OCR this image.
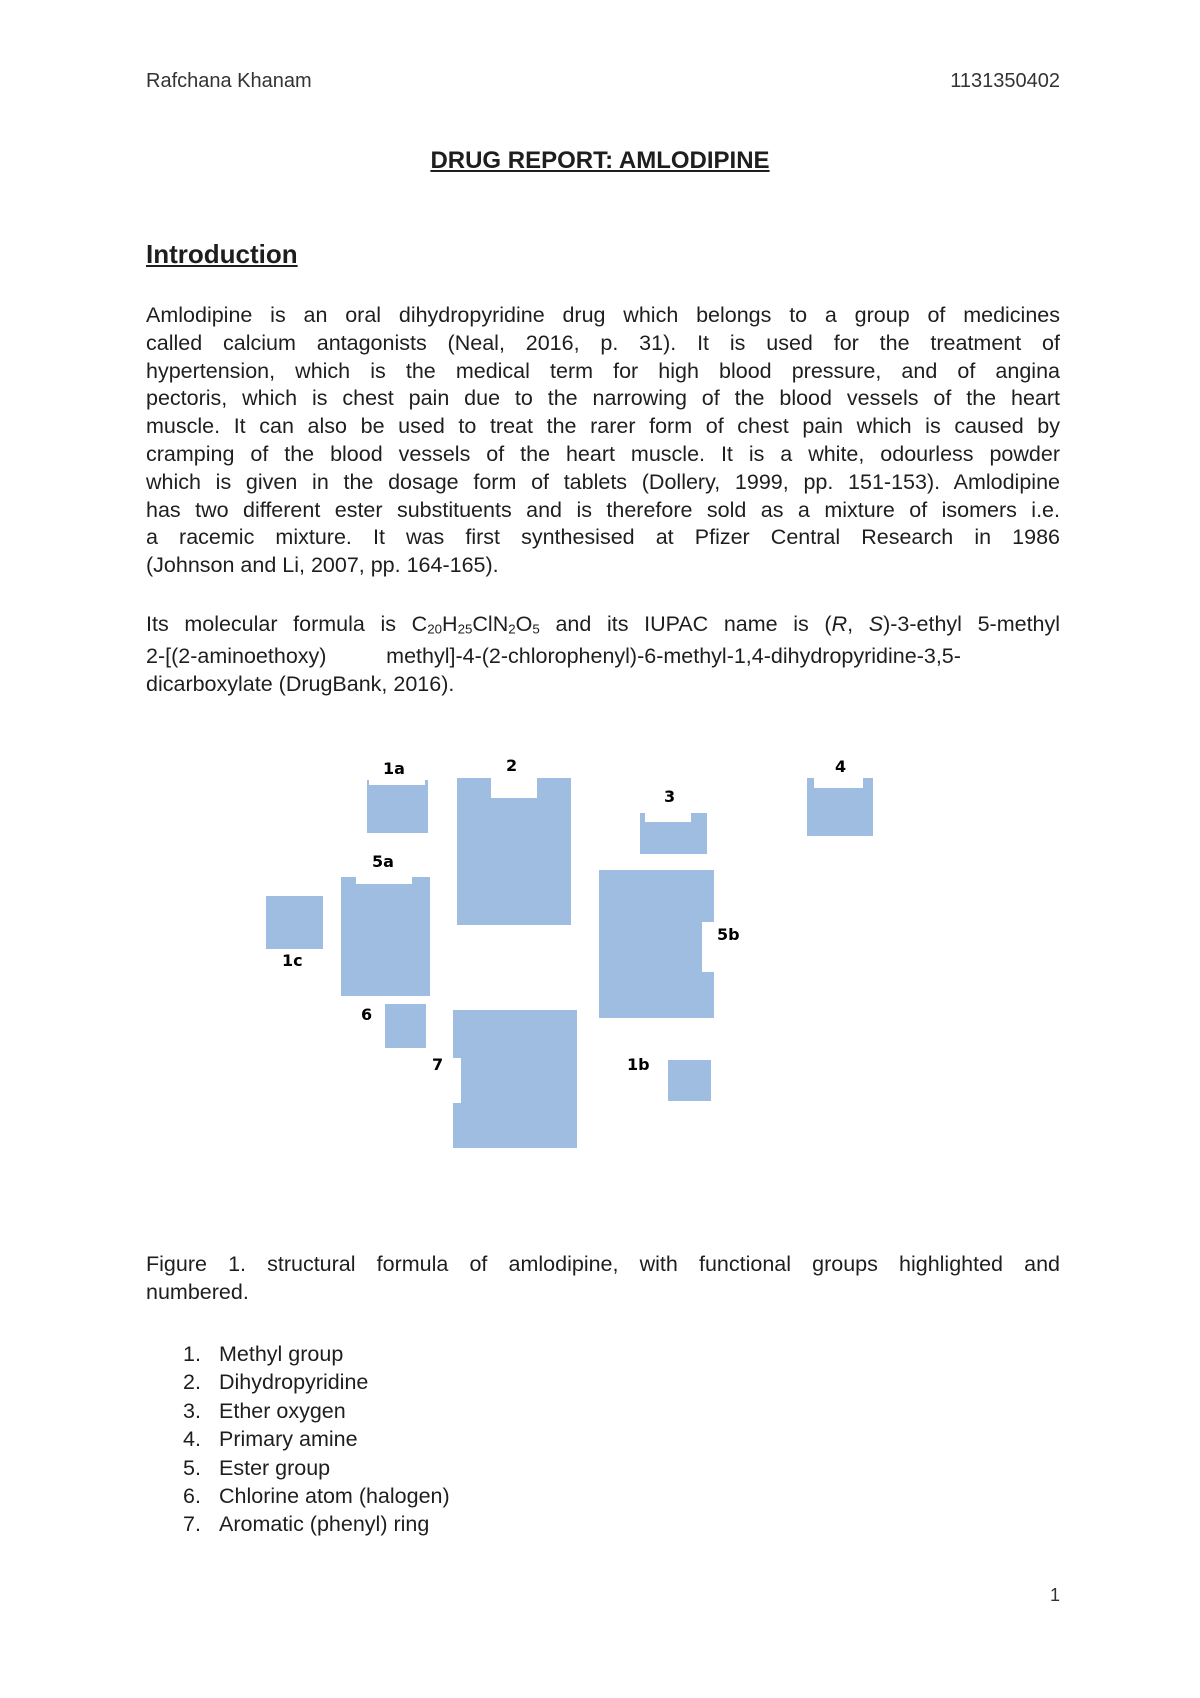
Rafchana Khanam	1131350402
DRUG REPORT: AMLODIPINE
Introduction
Amlodipine is an oral dihydropyridine drug which belongs to a group of medicines
called calcium antagonists (Neal, 2016, p. 31). It is used for the treatment of
hypertension, which is the medical term for high blood pressure, and of angina
pectoris, which is chest pain due to the narrowing of the blood vessels of the heart
muscle. It can also be used to treat the rarer form of chest pain which is caused by
cramping of the blood vessels of the heart muscle. It is a white, odourless powder
which is given in the dosage form of tablets (Dollery, 1999, pp. 151-153). Amlodipine
has two different ester substituents and is therefore sold as a mixture of isomers i.e.
a racemic mixture. It was first synthesised at Pfizer Central Research in 1986
(Johnson and Li, 2007, pp. 164-165).
Its molecular formula is C20H25ClN2O5 and its IUPAC name is (R, S)-3-ethyl 5-methyl
2-[(2-aminoethoxy)          methyl]-4-(2-chlorophenyl)-6-methyl-1,4-dihydropyridine-3,5-
dicarboxylate (DrugBank, 2016).
1a	2
3
4
5a
1c
5b
6
7	1b
Figure 1. structural formula of amlodipine, with functional groups highlighted and
numbered.
1. Methyl group
2. Dihydropyridine
3. Ether oxygen
4. Primary amine
5. Ester group
6. Chlorine atom (halogen)
7. Aromatic (phenyl) ring
1
